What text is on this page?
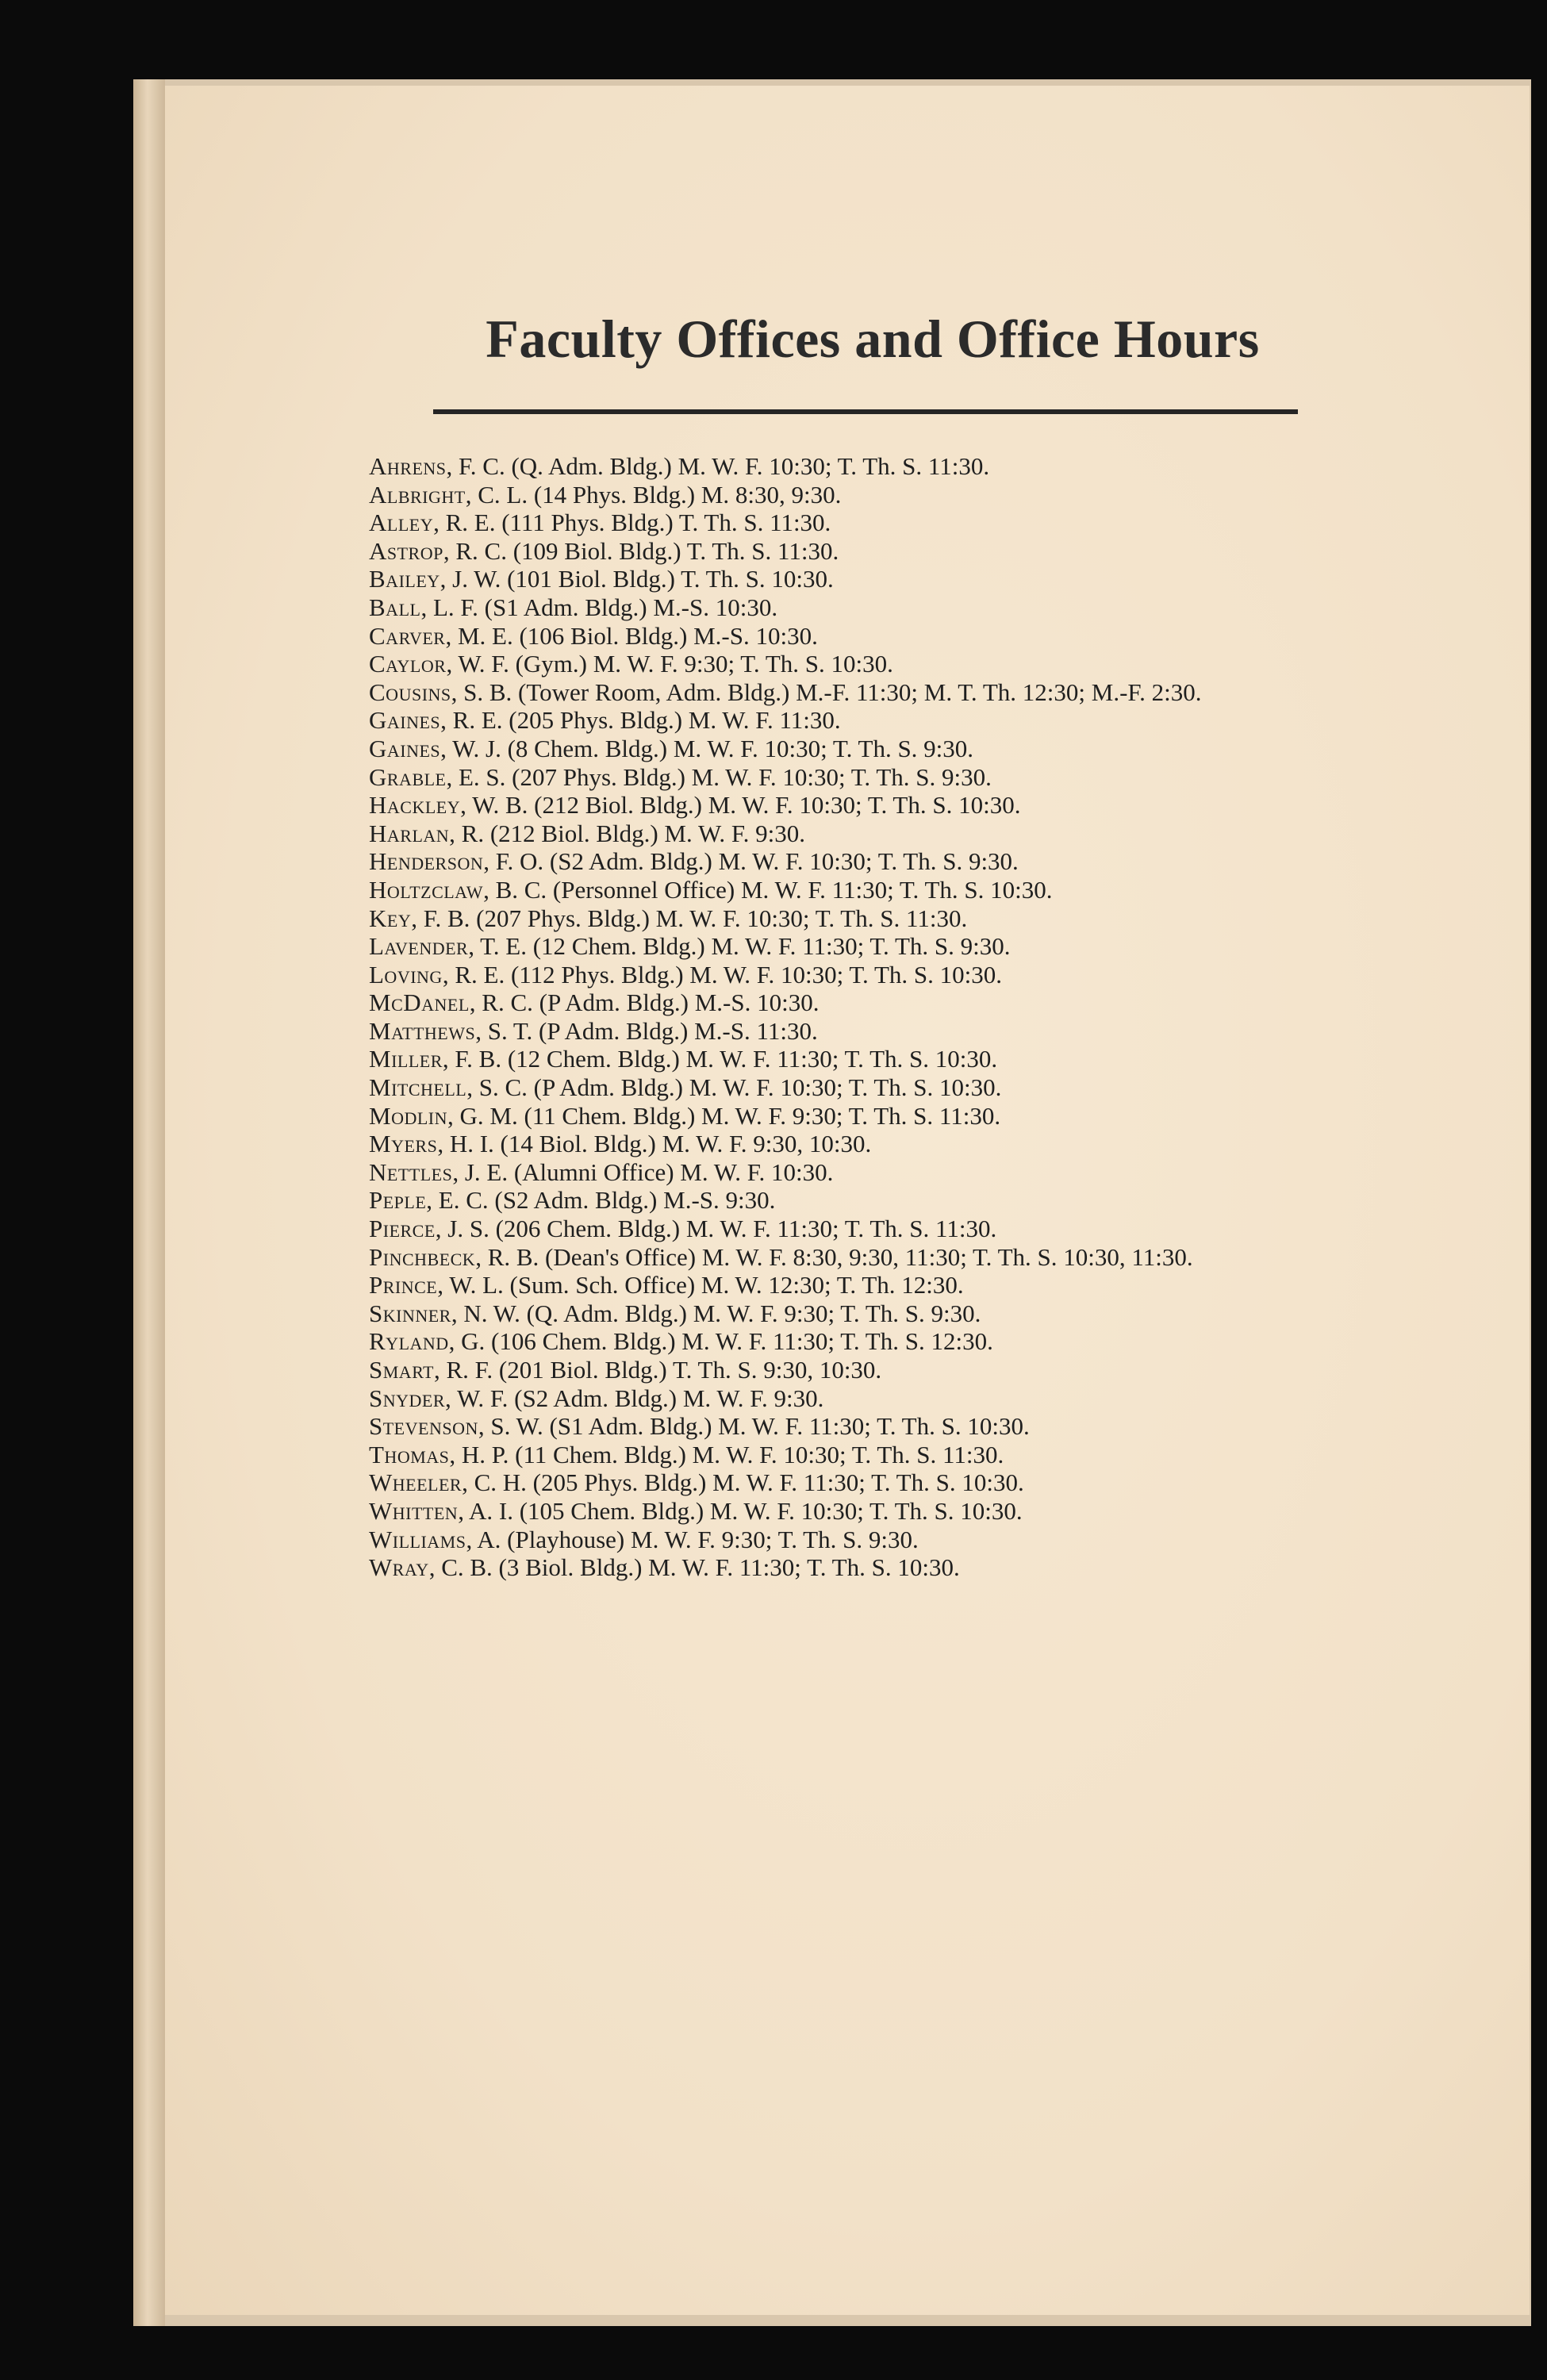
Faculty Offices and Office Hours
Ahrens, F. C. (Q. Adm. Bldg.) M. W. F. 10:30; T. Th. S. 11:30.
Albright, C. L. (14 Phys. Bldg.) M. 8:30, 9:30.
Alley, R. E. (111 Phys. Bldg.) T. Th. S. 11:30.
Astrop, R. C. (109 Biol. Bldg.) T. Th. S. 11:30.
Bailey, J. W. (101 Biol. Bldg.) T. Th. S. 10:30.
Ball, L. F. (S1 Adm. Bldg.) M.-S. 10:30.
Carver, M. E. (106 Biol. Bldg.) M.-S. 10:30.
Caylor, W. F. (Gym.) M. W. F. 9:30; T. Th. S. 10:30.
Cousins, S. B. (Tower Room, Adm. Bldg.) M.-F. 11:30; M. T. Th. 12:30; M.-F. 2:30.
Gaines, R. E. (205 Phys. Bldg.) M. W. F. 11:30.
Gaines, W. J. (8 Chem. Bldg.) M. W. F. 10:30; T. Th. S. 9:30.
Grable, E. S. (207 Phys. Bldg.) M. W. F. 10:30; T. Th. S. 9:30.
Hackley, W. B. (212 Biol. Bldg.) M. W. F. 10:30; T. Th. S. 10:30.
Harlan, R. (212 Biol. Bldg.) M. W. F. 9:30.
Henderson, F. O. (S2 Adm. Bldg.) M. W. F. 10:30; T. Th. S. 9:30.
Holtzclaw, B. C. (Personnel Office) M. W. F. 11:30; T. Th. S. 10:30.
Key, F. B. (207 Phys. Bldg.) M. W. F. 10:30; T. Th. S. 11:30.
Lavender, T. E. (12 Chem. Bldg.) M. W. F. 11:30; T. Th. S. 9:30.
Loving, R. E. (112 Phys. Bldg.) M. W. F. 10:30; T. Th. S. 10:30.
McDanel, R. C. (P Adm. Bldg.) M.-S. 10:30.
Matthews, S. T. (P Adm. Bldg.) M.-S. 11:30.
Miller, F. B. (12 Chem. Bldg.) M. W. F. 11:30; T. Th. S. 10:30.
Mitchell, S. C. (P Adm. Bldg.) M. W. F. 10:30; T. Th. S. 10:30.
Modlin, G. M. (11 Chem. Bldg.) M. W. F. 9:30; T. Th. S. 11:30.
Myers, H. I. (14 Biol. Bldg.) M. W. F. 9:30, 10:30.
Nettles, J. E. (Alumni Office) M. W. F. 10:30.
Peple, E. C. (S2 Adm. Bldg.) M.-S. 9:30.
Pierce, J. S. (206 Chem. Bldg.) M. W. F. 11:30; T. Th. S. 11:30.
Pinchbeck, R. B. (Dean's Office) M. W. F. 8:30, 9:30, 11:30; T. Th. S. 10:30, 11:30.
Prince, W. L. (Sum. Sch. Office) M. W. 12:30; T. Th. 12:30.
Skinner, N. W. (Q. Adm. Bldg.) M. W. F. 9:30; T. Th. S. 9:30.
Ryland, G. (106 Chem. Bldg.) M. W. F. 11:30; T. Th. S. 12:30.
Smart, R. F. (201 Biol. Bldg.) T. Th. S. 9:30, 10:30.
Snyder, W. F. (S2 Adm. Bldg.) M. W. F. 9:30.
Stevenson, S. W. (S1 Adm. Bldg.) M. W. F. 11:30; T. Th. S. 10:30.
Thomas, H. P. (11 Chem. Bldg.) M. W. F. 10:30; T. Th. S. 11:30.
Wheeler, C. H. (205 Phys. Bldg.) M. W. F. 11:30; T. Th. S. 10:30.
Whitten, A. I. (105 Chem. Bldg.) M. W. F. 10:30; T. Th. S. 10:30.
Williams, A. (Playhouse) M. W. F. 9:30; T. Th. S. 9:30.
Wray, C. B. (3 Biol. Bldg.) M. W. F. 11:30; T. Th. S. 10:30.
